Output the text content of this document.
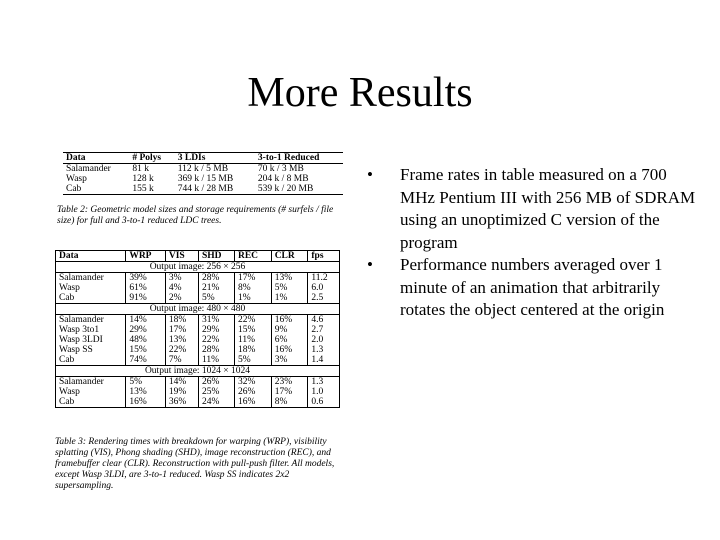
More Results
Data	# Polys	3 LDIs	3-to-1 Reduced
Salamander	81 k	112 k / 5 MB	70 k / 3 MB
Wasp	128 k	369 k / 15 MB	204 k / 8 MB
Cab	155 k	744 k / 28 MB	539 k / 20 MB
Table 2: Geometric model sizes and storage requirements (# surfels / file size) for full and 3-to-1 reduced LDC trees.
Data	WRP	VIS	SHD	REC	CLR	fps
Output image: 256 × 256						
Salamander	39%	3%	28%	17%	13%	11.2
Wasp	61%	4%	21%	8%	5%	6.0
Cab	91%	2%	5%	1%	1%	2.5
Output image: 480 × 480						
Salamander	14%	18%	31%	22%	16%	4.6
Wasp 3to1	29%	17%	29%	15%	9%	2.7
Wasp 3LDI	48%	13%	22%	11%	6%	2.0
Wasp SS	15%	22%	28%	18%	16%	1.3
Cab	74%	7%	11%	5%	3%	1.4
Output image: 1024 × 1024						
Salamander	5%	14%	26%	32%	23%	1.3
Wasp	13%	19%	25%	26%	17%	1.0
Cab	16%	36%	24%	16%	8%	0.6
Table 3: Rendering times with breakdown for warping (WRP), visibility splatting (VIS), Phong shading (SHD), image reconstruction (REC), and framebuffer clear (CLR). Reconstruction with pull-push filter. All models, except Wasp 3LDI, are 3-to-1 reduced. Wasp SS indicates 2x2 supersampling.
• Frame rates in table measured on a 700 MHz Pentium III with 256 MB of SDRAM using an unoptimized C version of the program
• Performance numbers averaged over 1 minute of an animation that arbitrarily rotates the object centered at the origin
